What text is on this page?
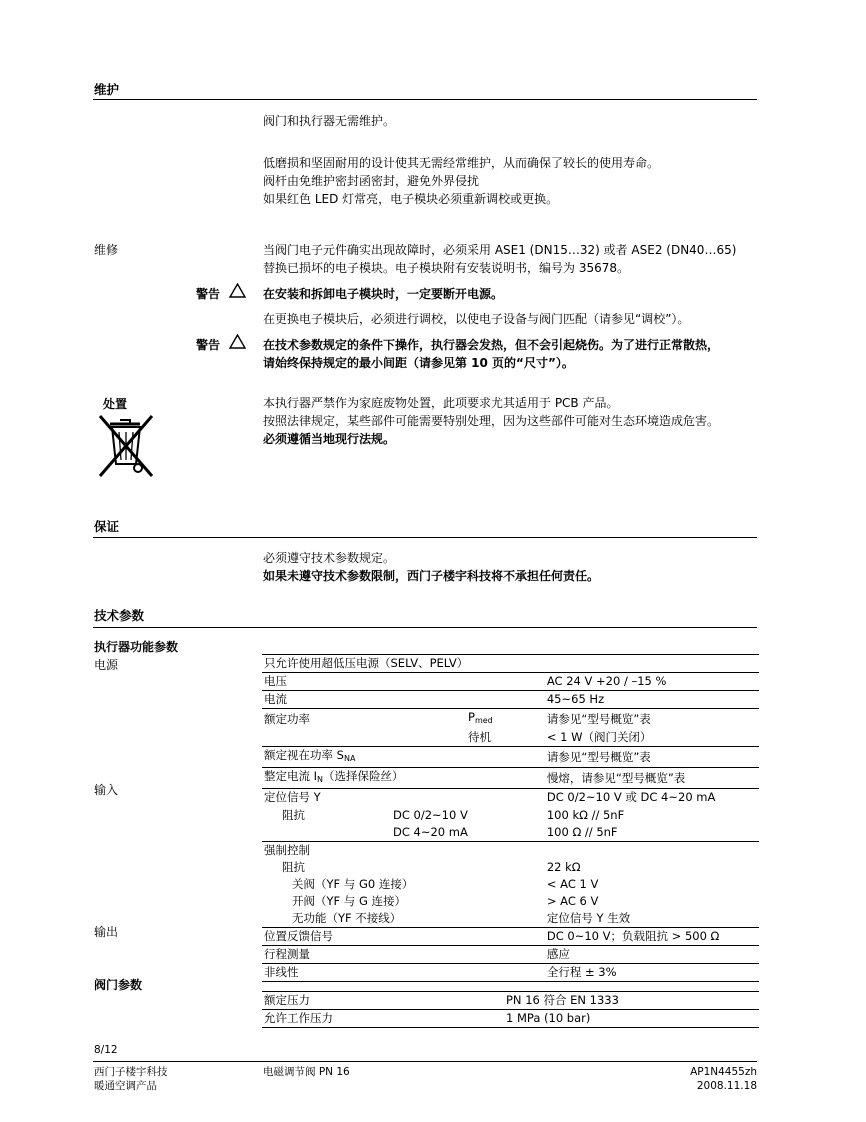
维护
阀门和执行器无需维护。
低磨损和坚固耐用的设计使其无需经常维护，从而确保了较长的使用寿命。
阀杆由免维护密封函密封，避免外界侵扰
如果红色 LED 灯常亮，电子模块必须重新调校或更换。
维修	当阀门电子元件确实出现故障时，必须采用 ASE1 (DN15…32) 或者 ASE2 (DN40…65)
替换已损坏的电子模块。电子模块附有安装说明书，编号为 35678。
警告	在安装和拆卸电子模块时，一定要断开电源。
在更换电子模块后，必须进行调校，以使电子设备与阀门匹配（请参见“调校”）。
警告	在技术参数规定的条件下操作，执行器会发热，但不会引起烧伤。为了进行正常散热，
请始终保持规定的最小间距（请参见第 10 页的“尺寸”）。
处置	本执行器严禁作为家庭废物处置，此项要求尤其适用于 PCB 产品。
按照法律规定，某些部件可能需要特别处理，因为这些部件可能对生态环境造成危害。
必须遵循当地现行法规。
保证
必须遵守技术参数规定。
如果未遵守技术参数限制，西门子楼宇科技将不承担任何责任。
技术参数
执行器功能参数
电源
输入
输出
只允许使用超低压电源（SELV、PELV）
电压		AC 24 V +20 / –15 %
电流		45~65 Hz
额定功率	Pmed	请参见“型号概览”表
	待机	< 1 W（阀门关闭）
额定视在功率 SNA		请参见“型号概览”表
整定电流 IN（选择保险丝）		慢熔，请参见“型号概览”表
定位信号 Y		DC 0/2~10 V 或 DC 4~20 mA
阻抗	DC 0/2~10 V	100 kΩ // 5nF
	DC 4~20 mA	100 Ω // 5nF
强制控制		
阻抗		22 kΩ
关阀（YF 与 G0 连接）		< AC 1 V
开阀（YF 与 G 连接）		> AC 6 V
无功能（YF 不接线）		定位信号 Y 生效
位置反馈信号		DC 0~10 V；负载阻抗 > 500 Ω
行程测量		感应
非线性		全行程 ± 3%
阀门参数
额定压力		PN 16 符合 EN 1333
允许工作压力		1 MPa (10 bar)
8/12
西门子楼宇科技
暖通空调产品
电磁调节阀 PN 16	AP1N4455zh
2008.11.18
